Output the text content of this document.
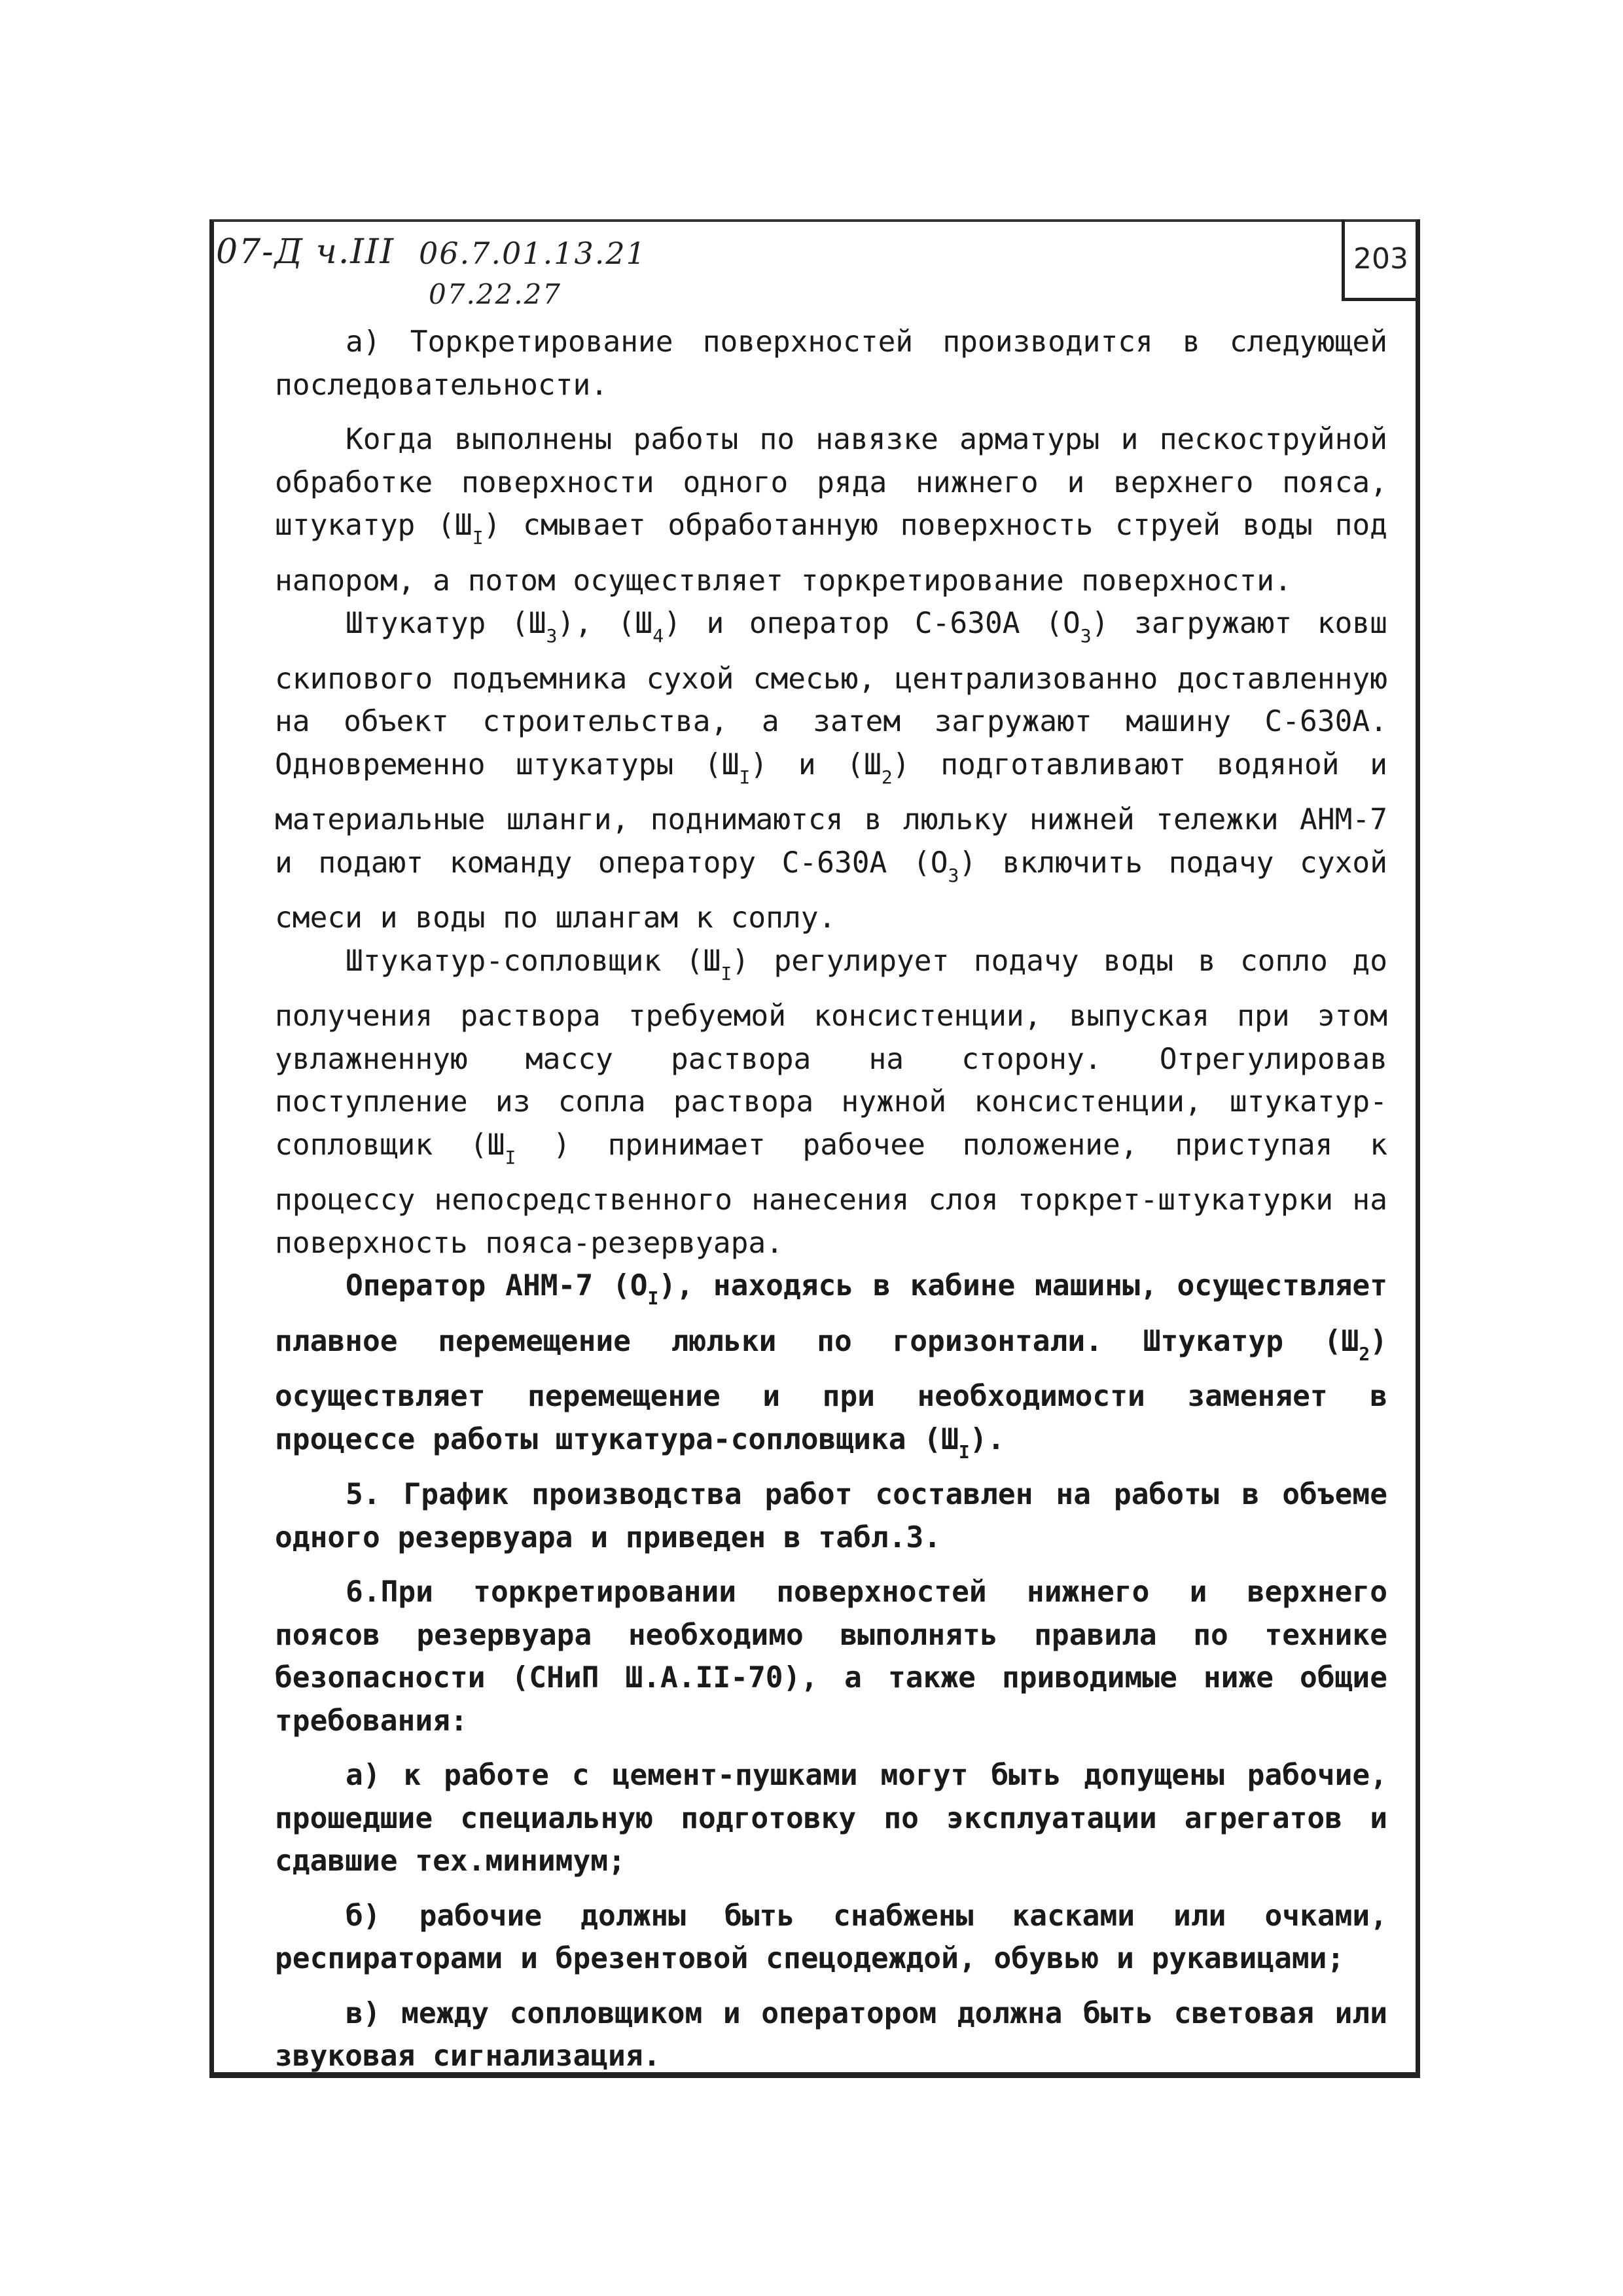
203
07-Д ч.III 06.7.01.13.21
07.22.27

а) Торкретирование поверхностей производится в следующей последовательности.

Когда выполнены работы по навязке арматуры и пескоструйной обработке поверхности одного ряда нижнего и верхнего пояса, штукатур $(Ш_I)$ смывает обработанную поверхность струей воды под напором, а потом осуществляет торкретирование поверхности.

Штукатур $(Ш_3)$, $(Ш_4)$ и оператор С-630А $(О_3)$ загружают ковш скипового подъемника сухой смесью, централизованно доставленную на объект строительства, а затем загружают машину С-630А. Одновременно штукатуры $(Ш_I)$ и $(Ш_2)$ подготавливают водяной и материальные шланги, поднимаются в люльку нижней тележки АНМ-7 и подают команду оператору С-630А $(О_3)$ включить подачу сухой смеси и воды по шлангам к соплу.

Штукатур-сопловщик $(Ш_I)$ регулирует подачу воды в сопло до получения раствора требуемой консистенции, выпуская при этом увлажненную массу раствора на сторону. Отрегулировав поступление из сопла раствора нужной консистенции, штукатур-сопловщик ($Ш_I$ ) принимает рабочее положение, приступая к процессу непосредственного нанесения слоя торкрет-штукатурки на поверхность пояса-резервуара.

Оператор АНМ-7 $(О_I)$, находясь в кабине машины, осуществляет плавное перемещение люльки по горизонтали. Штукатур $(Ш_2)$ осуществляет перемещение и при необходимости заменяет в процессе работы штукатура-сопловщика $(Ш_I)$.

5. График производства работ составлен на работы в объеме одного резервуара и приведен в табл.3.

6.При торкретировании поверхностей нижнего и верхнего поясов резервуара необходимо выполнять правила по технике безопасности (СНиП Ш.А.II-70), а также приводимые ниже общие требования:

а) к работе с цемент-пушками могут быть допущены рабочие, прошедшие специальную подготовку по эксплуатации агрегатов и сдавшие тех.минимум;

б) рабочие должны быть снабжены касками или очками, респираторами и брезентовой спецодеждой, обувью и рукавицами;

в) между сопловщиком и оператором должна быть световая или звуковая сигнализация.
